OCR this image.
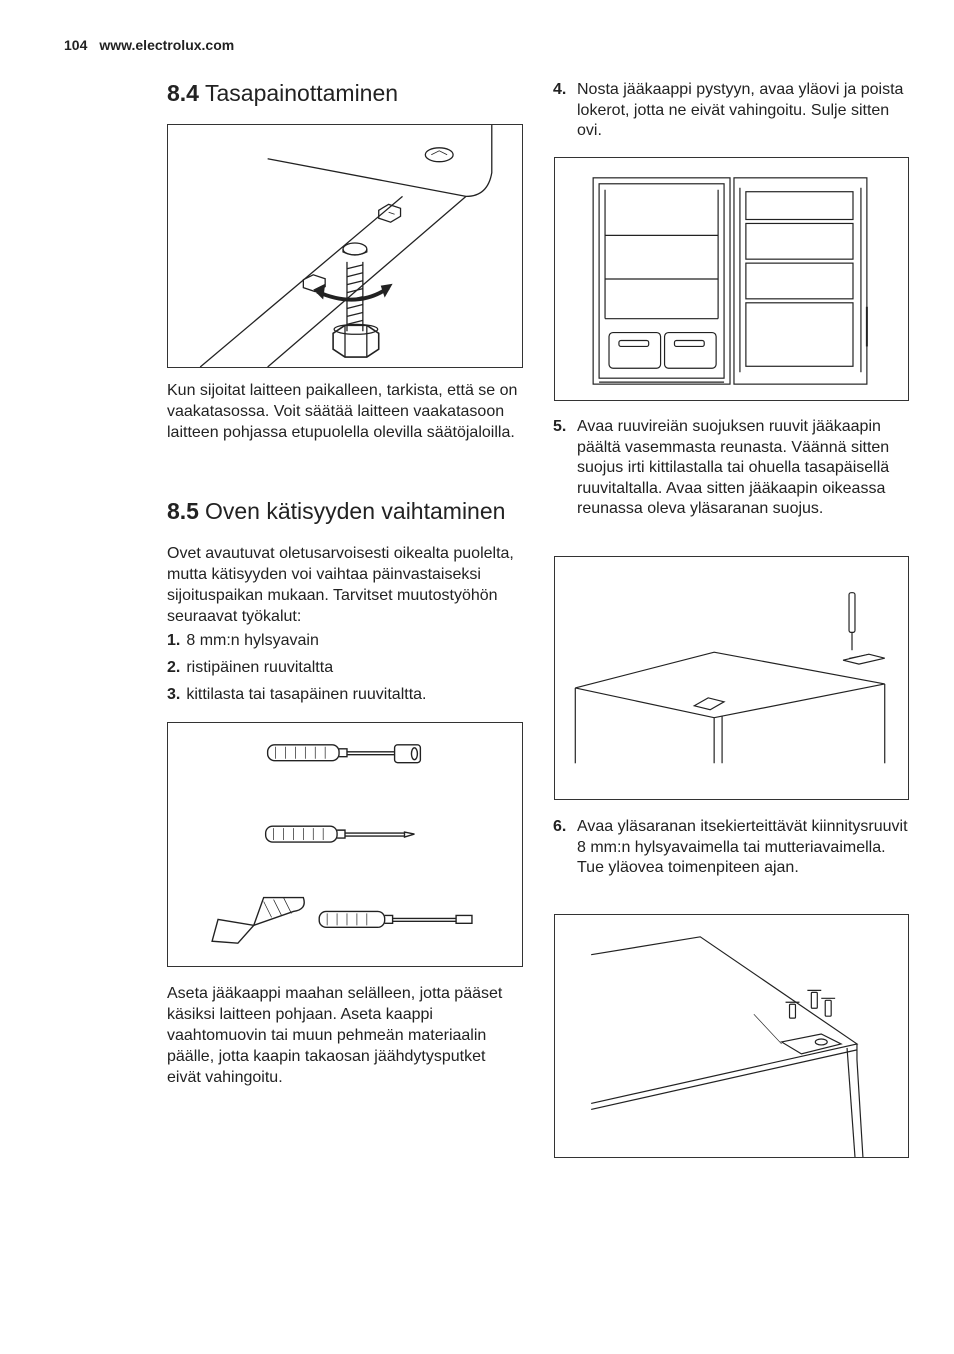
104 www.electrolux.com
8.4 Tasapainottaminen

Kun sijoitat laitteen paikalleen, tarkista, että se on vaakatasossa. Voit säätää laitteen vaakatasoon laitteen pohjassa etupuolella olevilla säätöjaloilla.

8.5 Oven kätisyyden vaihtaminen

Ovet avautuvat oletusarvoisesti oikealta puolelta, mutta kätisyyden voi vaihtaa päinvastaiseksi sijoituspaikan mukaan. Tarvitset muutostyöhön seuraavat työkalut:

1. 8 mm:n hylsyavain
2. ristipäinen ruuvitaltta
3. kittilasta tai tasapäinen ruuvitaltta.

Aseta jääkaappi maahan selälleen, jotta pääset käsiksi laitteen pohjaan. Aseta kaappi vaahtomuovin tai muun pehmeän materiaalin päälle, jotta kaapin takaosan jäähdytysputket eivät vahingoitu.

4. Nosta jääkaappi pystyyn, avaa yläovi ja poista lokerot, jotta ne eivät vahingoitu. Sulje sitten ovi.
5. Avaa ruuvireiän suojuksen ruuvit jääkaapin päältä vasemmasta reunasta. Väännä sitten suojus irti kittilastalla tai ohuella tasapäisellä ruuvitaltalla. Avaa sitten jääkaapin oikeassa reunassa oleva yläsaranan suojus.
6. Avaa yläsaranan itsekierteittävät kiinnitysruuvit 8 mm:n hylsyavaimella tai mutteriavaimella. Tue yläovea toimenpiteen ajan.
